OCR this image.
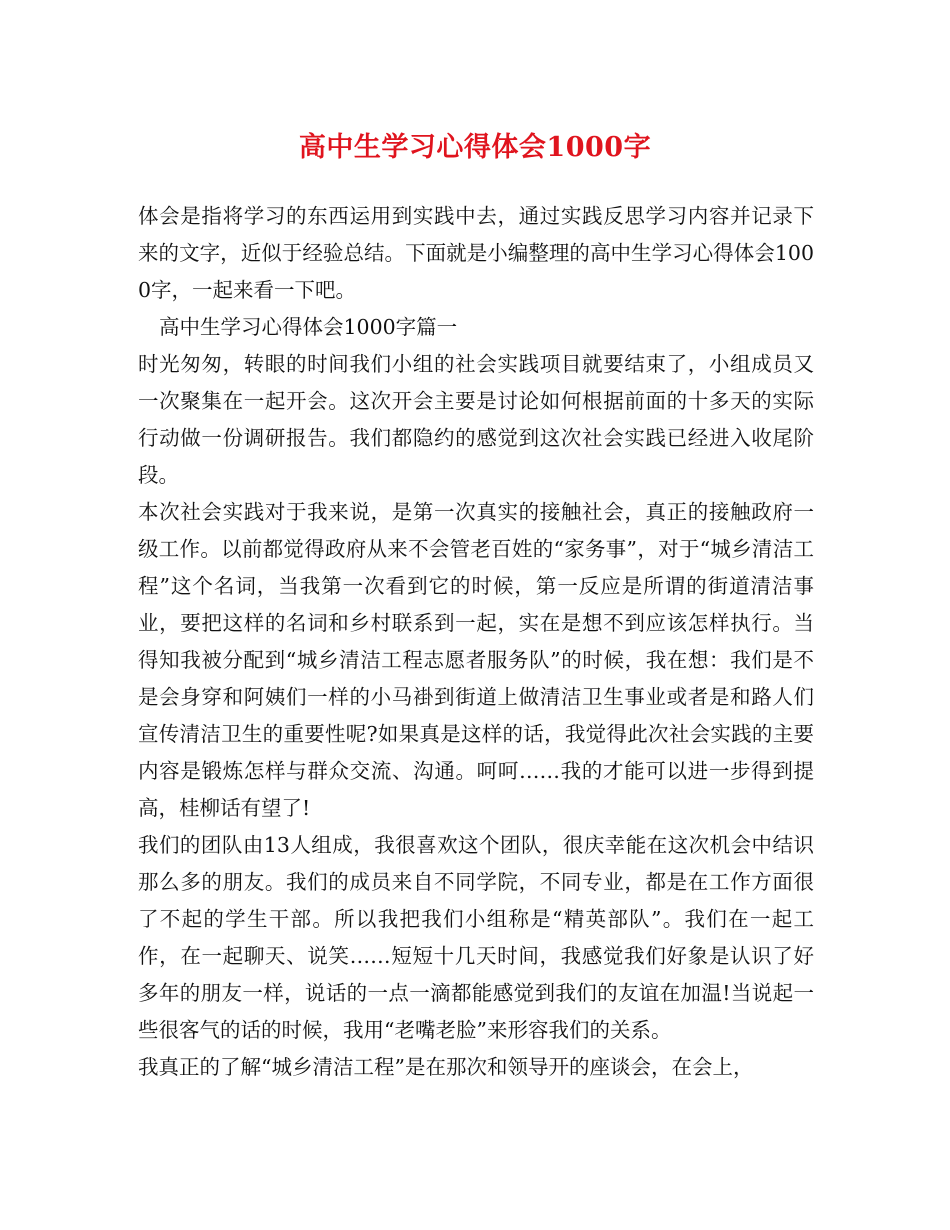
高中生学习心得体会1000字

体会是指将学习的东西运用到实践中去，通过实践反思学习内容并记录下来的文字，近似于经验总结。下面就是小编整理的高中生学习心得体会1000字，一起来看一下吧。

高中生学习心得体会1000字篇一

时光匆匆，转眼的时间我们小组的社会实践项目就要结束了，小组成员又一次聚集在一起开会。这次开会主要是讨论如何根据前面的十多天的实际行动做一份调研报告。我们都隐约的感觉到这次社会实践已经进入收尾阶段。

本次社会实践对于我来说，是第一次真实的接触社会，真正的接触政府一级工作。以前都觉得政府从来不会管老百姓的“家务事”，对于“城乡清洁工程”这个名词，当我第一次看到它的时候，第一反应是所谓的街道清洁事业，要把这样的名词和乡村联系到一起，实在是想不到应该怎样执行。当得知我被分配到“城乡清洁工程志愿者服务队”的时候，我在想：我们是不是会身穿和阿姨们一样的小马褂到街道上做清洁卫生事业或者是和路人们宣传清洁卫生的重要性呢?如果真是这样的话，我觉得此次社会实践的主要内容是锻炼怎样与群众交流、沟通。呵呵……我的才能可以进一步得到提高，桂柳话有望了!

我们的团队由13人组成，我很喜欢这个团队，很庆幸能在这次机会中结识那么多的朋友。我们的成员来自不同学院，不同专业，都是在工作方面很了不起的学生干部。所以我把我们小组称是“精英部队”。我们在一起工作，在一起聊天、说笑……短短十几天时间，我感觉我们好象是认识了好多年的朋友一样，说话的一点一滴都能感觉到我们的友谊在加温!当说起一些很客气的话的时候，我用“老嘴老脸”来形容我们的关系。

我真正的了解“城乡清洁工程”是在那次和领导开的座谈会，在会上，
